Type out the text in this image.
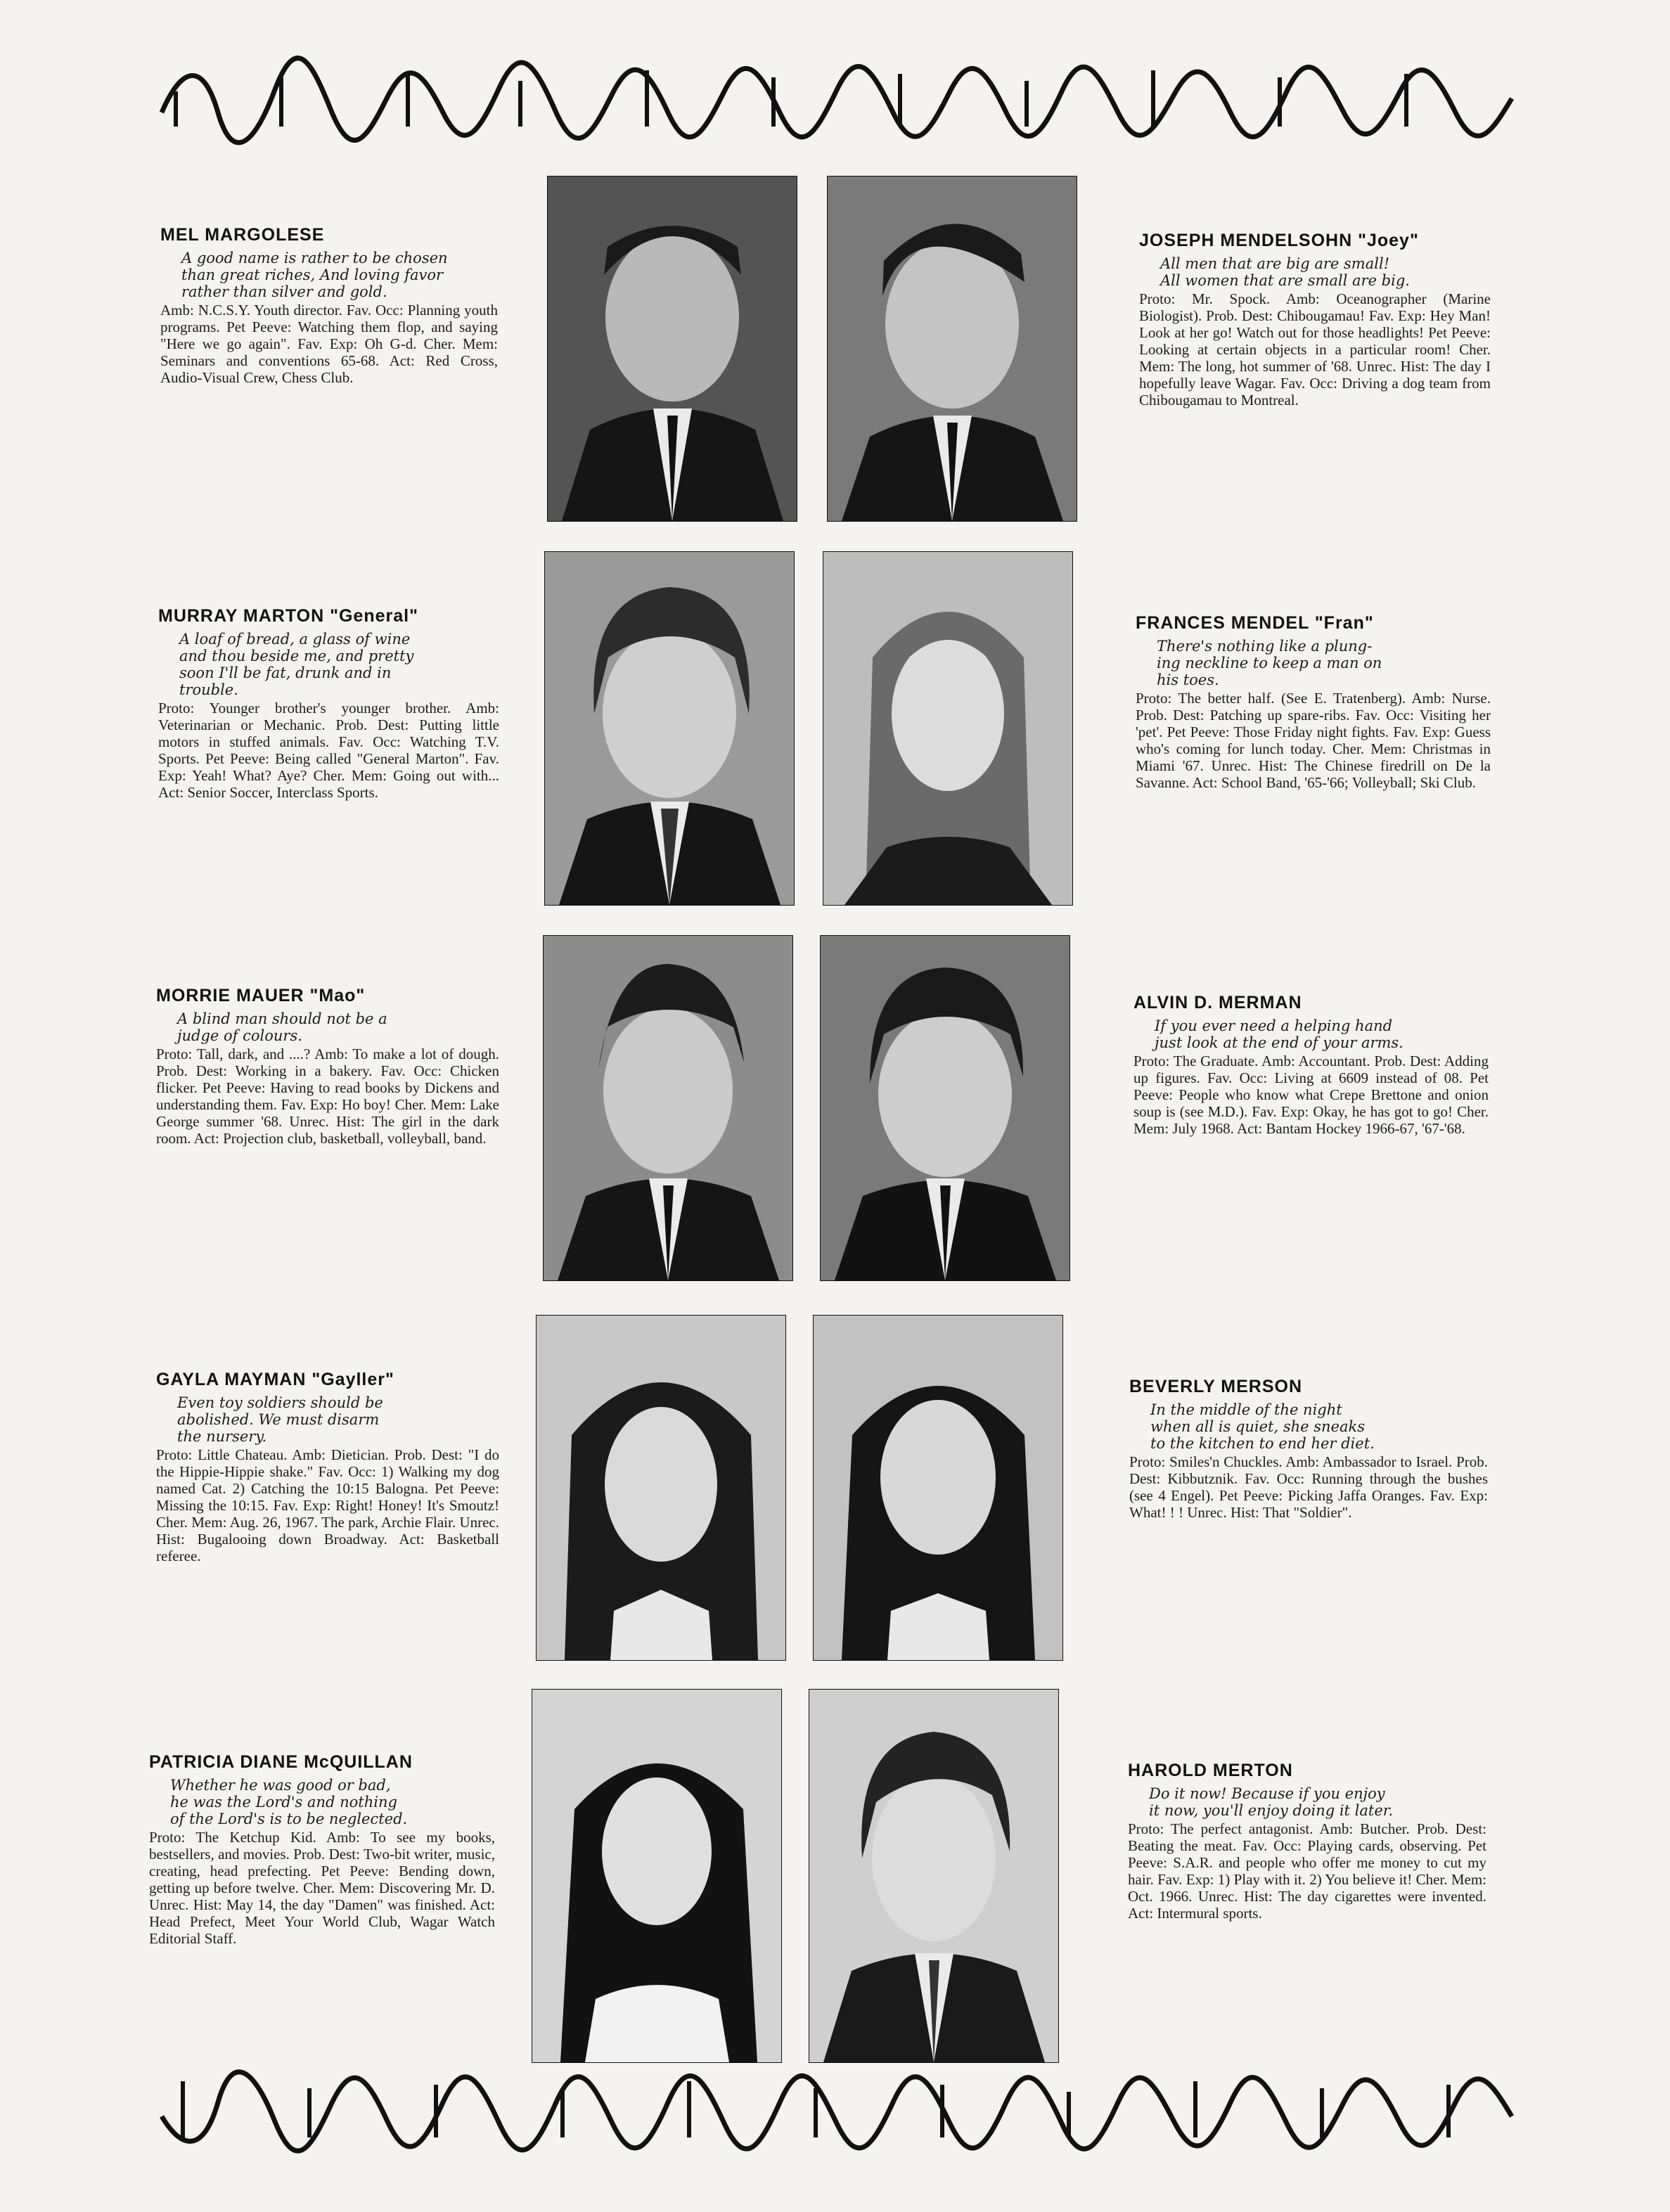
MEL MARGOLESE
A good name is rather to be chosen
than great riches, And loving favor
rather than silver and gold.
Amb: N.C.S.Y. Youth director. Fav. Occ: Planning youth programs. Pet Peeve: Watching them flop, and saying "Here we go again". Fav. Exp: Oh G-d. Cher. Mem: Seminars and conventions 65-68. Act: Red Cross, Audio-Visual Crew, Chess Club.
JOSEPH MENDELSOHN "Joey"
All men that are big are small!
All women that are small are big.
Proto: Mr. Spock. Amb: Oceanographer (Marine Biologist). Prob. Dest: Chibougamau! Fav. Exp: Hey Man! Look at her go! Watch out for those headlights! Pet Peeve: Looking at certain objects in a particular room! Cher. Mem: The long, hot summer of '68. Unrec. Hist: The day I hopefully leave Wagar. Fav. Occ: Driving a dog team from Chibougamau to Montreal.
MURRAY MARTON "General"
A loaf of bread, a glass of wine
and thou beside me, and pretty
soon I'll be fat, drunk and in
trouble.
Proto: Younger brother's younger brother. Amb: Veterinarian or Mechanic. Prob. Dest: Putting little motors in stuffed animals. Fav. Occ: Watching T.V. Sports. Pet Peeve: Being called "General Marton". Fav. Exp: Yeah! What? Aye? Cher. Mem: Going out with... Act: Senior Soccer, Interclass Sports.
FRANCES MENDEL "Fran"
There's nothing like a plung-
ing neckline to keep a man on
his toes.
Proto: The better half. (See E. Tratenberg). Amb: Nurse. Prob. Dest: Patching up spare-ribs. Fav. Occ: Visiting her 'pet'. Pet Peeve: Those Friday night fights. Fav. Exp: Guess who's coming for lunch today. Cher. Mem: Christmas in Miami '67. Unrec. Hist: The Chinese firedrill on De la Savanne. Act: School Band, '65-'66; Volleyball; Ski Club.
MORRIE MAUER "Mao"
A blind man should not be a
judge of colours.
Proto: Tall, dark, and ....? Amb: To make a lot of dough. Prob. Dest: Working in a bakery. Fav. Occ: Chicken flicker. Pet Peeve: Having to read books by Dickens and understanding them. Fav. Exp: Ho boy! Cher. Mem: Lake George summer '68. Unrec. Hist: The girl in the dark room. Act: Projection club, basketball, volleyball, band.
ALVIN D. MERMAN
If you ever need a helping hand
just look at the end of your arms.
Proto: The Graduate. Amb: Accountant. Prob. Dest: Adding up figures. Fav. Occ: Living at 6609 instead of 08. Pet Peeve: People who know what Crepe Brettone and onion soup is (see M.D.). Fav. Exp: Okay, he has got to go! Cher. Mem: July 1968. Act: Bantam Hockey 1966-67, '67-'68.
GAYLA MAYMAN "Gayller"
Even toy soldiers should be
abolished. We must disarm
the nursery.
Proto: Little Chateau. Amb: Dietician. Prob. Dest: "I do the Hippie-Hippie shake." Fav. Occ: 1) Walking my dog named Cat. 2) Catching the 10:15 Balogna. Pet Peeve: Missing the 10:15. Fav. Exp: Right! Honey! It's Smoutz! Cher. Mem: Aug. 26, 1967. The park, Archie Flair. Unrec. Hist: Bugalooing down Broadway. Act: Basketball referee.
BEVERLY MERSON
In the middle of the night
when all is quiet, she sneaks
to the kitchen to end her diet.
Proto: Smiles'n Chuckles. Amb: Ambassador to Israel. Prob. Dest: Kibbutznik. Fav. Occ: Running through the bushes (see 4 Engel). Pet Peeve: Picking Jaffa Oranges. Fav. Exp: What! ! ! Unrec. Hist: That "Soldier".
PATRICIA DIANE McQUILLAN
Whether he was good or bad,
he was the Lord's and nothing
of the Lord's is to be neglected.
Proto: The Ketchup Kid. Amb: To see my books, bestsellers, and movies. Prob. Dest: Two-bit writer, music, creating, head prefecting. Pet Peeve: Bending down, getting up before twelve. Cher. Mem: Discovering Mr. D. Unrec. Hist: May 14, the day "Damen" was finished. Act: Head Prefect, Meet Your World Club, Wagar Watch Editorial Staff.
HAROLD MERTON
Do it now! Because if you enjoy
it now, you'll enjoy doing it later.
Proto: The perfect antagonist. Amb: Butcher. Prob. Dest: Beating the meat. Fav. Occ: Playing cards, observing. Pet Peeve: S.A.R. and people who offer me money to cut my hair. Fav. Exp: 1) Play with it. 2) You believe it! Cher. Mem: Oct. 1966. Unrec. Hist: The day cigarettes were invented. Act: Intermural sports.
